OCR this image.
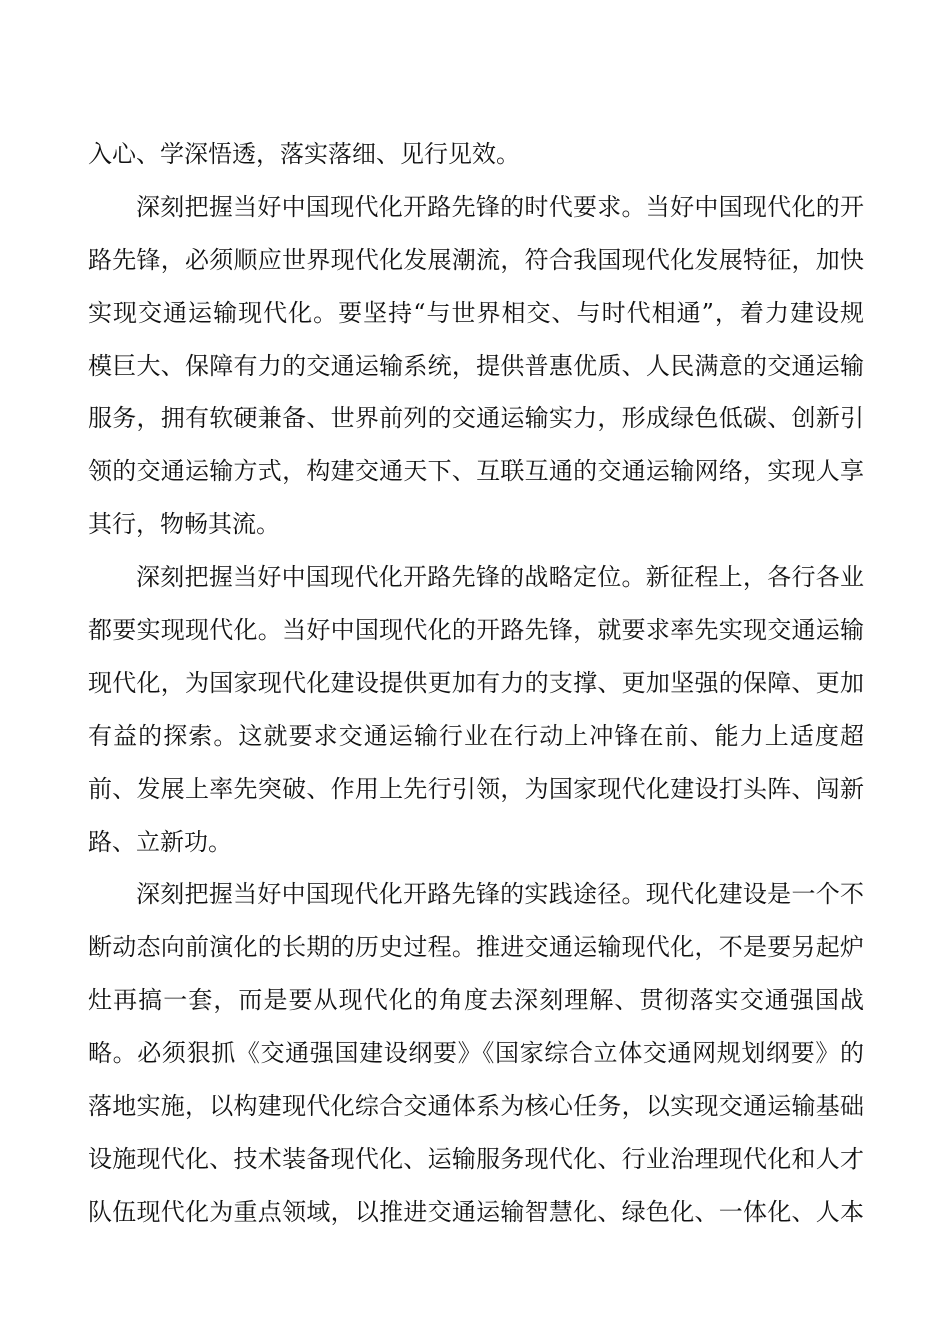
入心、学深悟透，落实落细、见行见效。
深刻把握当好中国现代化开路先锋的时代要求。当好中国现代化的开
路先锋，必须顺应世界现代化发展潮流，符合我国现代化发展特征，加快
实现交通运输现代化。要坚持“与世界相交、与时代相通”，着力建设规
模巨大、保障有力的交通运输系统，提供普惠优质、人民满意的交通运输
服务，拥有软硬兼备、世界前列的交通运输实力，形成绿色低碳、创新引
领的交通运输方式，构建交通天下、互联互通的交通运输网络，实现人享
其行，物畅其流。
深刻把握当好中国现代化开路先锋的战略定位。新征程上，各行各业
都要实现现代化。当好中国现代化的开路先锋，就要求率先实现交通运输
现代化，为国家现代化建设提供更加有力的支撑、更加坚强的保障、更加
有益的探索。这就要求交通运输行业在行动上冲锋在前、能力上适度超
前、发展上率先突破、作用上先行引领，为国家现代化建设打头阵、闯新
路、立新功。
深刻把握当好中国现代化开路先锋的实践途径。现代化建设是一个不
断动态向前演化的长期的历史过程。推进交通运输现代化，不是要另起炉
灶再搞一套，而是要从现代化的角度去深刻理解、贯彻落实交通强国战
略。必须狠抓《交通强国建设纲要》《国家综合立体交通网规划纲要》的
落地实施，以构建现代化综合交通体系为核心任务，以实现交通运输基础
设施现代化、技术装备现代化、运输服务现代化、行业治理现代化和人才
队伍现代化为重点领域，以推进交通运输智慧化、绿色化、一体化、人本
